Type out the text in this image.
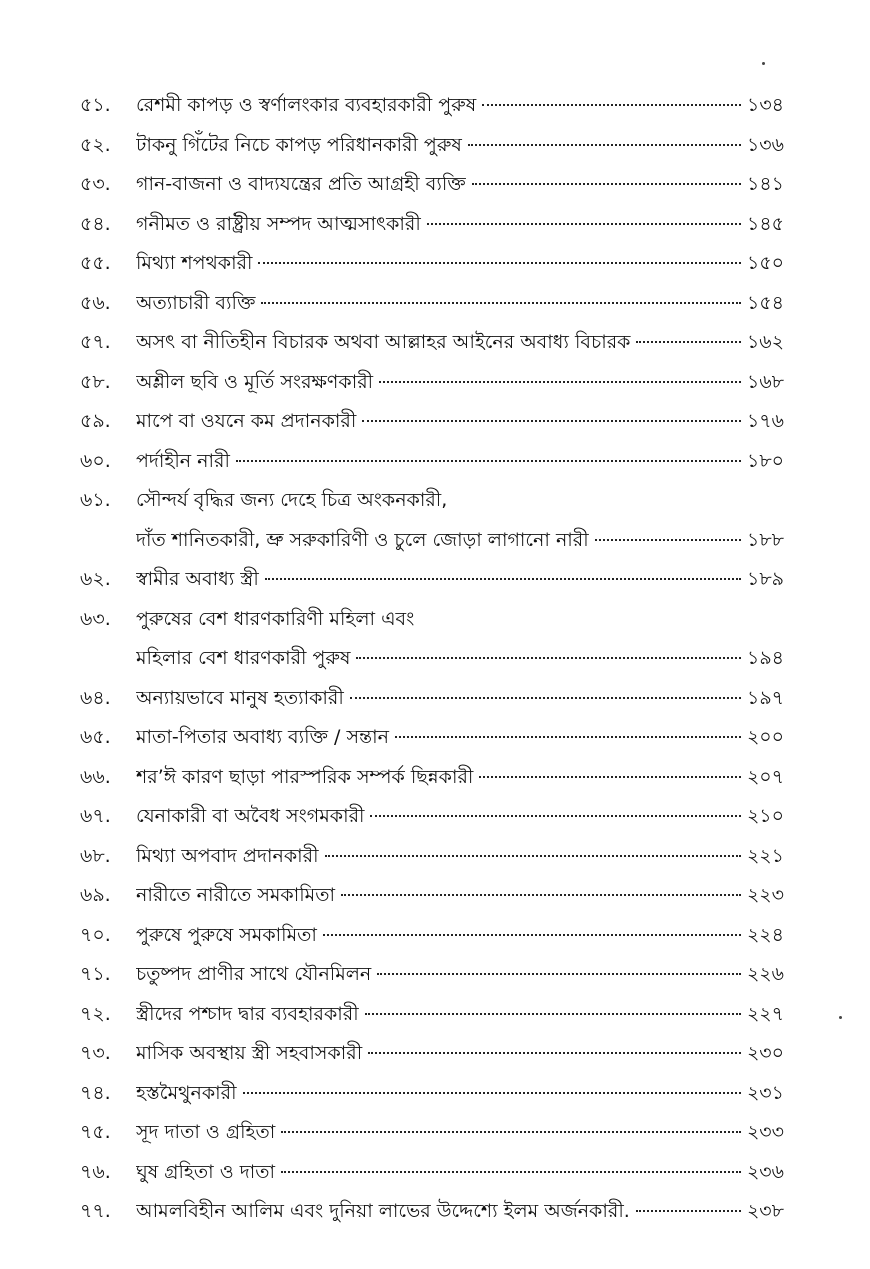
৫১.	রেশমী কাপড় ও স্বর্ণালংকার ব্যবহারকারী পুরুষ	১৩৪
৫২.	টাকনু গিঁটের নিচে কাপড় পরিধানকারী পুরুষ	১৩৬
৫৩.	গান-বাজনা ও বাদ্যযন্ত্রের প্রতি আগ্রহী ব্যক্তি	১৪১
৫৪.	গনীমত ও রাষ্ট্রীয় সম্পদ আত্মসাৎকারী	১৪৫
৫৫.	মিথ্যা শপথকারী	১৫০
৫৬.	অত্যাচারী ব্যক্তি	১৫৪
৫৭.	অসৎ বা নীতিহীন বিচারক অথবা আল্লাহর আইনের অবাধ্য বিচারক	১৬২
৫৮.	অশ্লীল ছবি ও মূর্তি সংরক্ষণকারী	১৬৮
৫৯.	মাপে বা ওযনে কম প্রদানকারী	১৭৬
৬০.	পর্দাহীন নারী	১৮০
৬১.	সৌন্দর্য বৃদ্ধির জন্য দেহে চিত্র অংকনকারী,
দাঁত শানিতকারী, ভ্রু সরুকারিণী ও চুলে জোড়া লাগানো নারী	১৮৮
৬২.	স্বামীর অবাধ্য স্ত্রী	১৮৯
৬৩.	পুরুষের বেশ ধারণকারিণী মহিলা এবং
মহিলার বেশ ধারণকারী পুরুষ	১৯৪
৬৪.	অন্যায়ভাবে মানুষ হত্যাকারী	১৯৭
৬৫.	মাতা-পিতার অবাধ্য ব্যক্তি / সন্তান	২০০
৬৬.	শর’ঈ কারণ ছাড়া পারস্পরিক সম্পর্ক ছিন্নকারী	২০৭
৬৭.	যেনাকারী বা অবৈধ সংগমকারী	২১০
৬৮.	মিথ্যা অপবাদ প্রদানকারী	২২১
৬৯.	নারীতে নারীতে সমকামিতা	২২৩
৭০.	পুরুষে পুরুষে সমকামিতা	২২৪
৭১.	চতুষ্পদ প্রাণীর সাথে যৌনমিলন	২২৬
৭২.	স্ত্রীদের পশ্চাদ দ্বার ব্যবহারকারী	২২৭
৭৩.	মাসিক অবস্থায় স্ত্রী সহবাসকারী	২৩০
৭৪.	হস্তমৈথুনকারী	২৩১
৭৫.	সূদ দাতা ও গ্রহিতা	২৩৩
৭৬.	ঘুষ গ্রহিতা ও দাতা	২৩৬
৭৭.	আমলবিহীন আলিম এবং দুনিয়া লাভের উদ্দেশ্যে ইলম অর্জনকারী.	২৩৮
